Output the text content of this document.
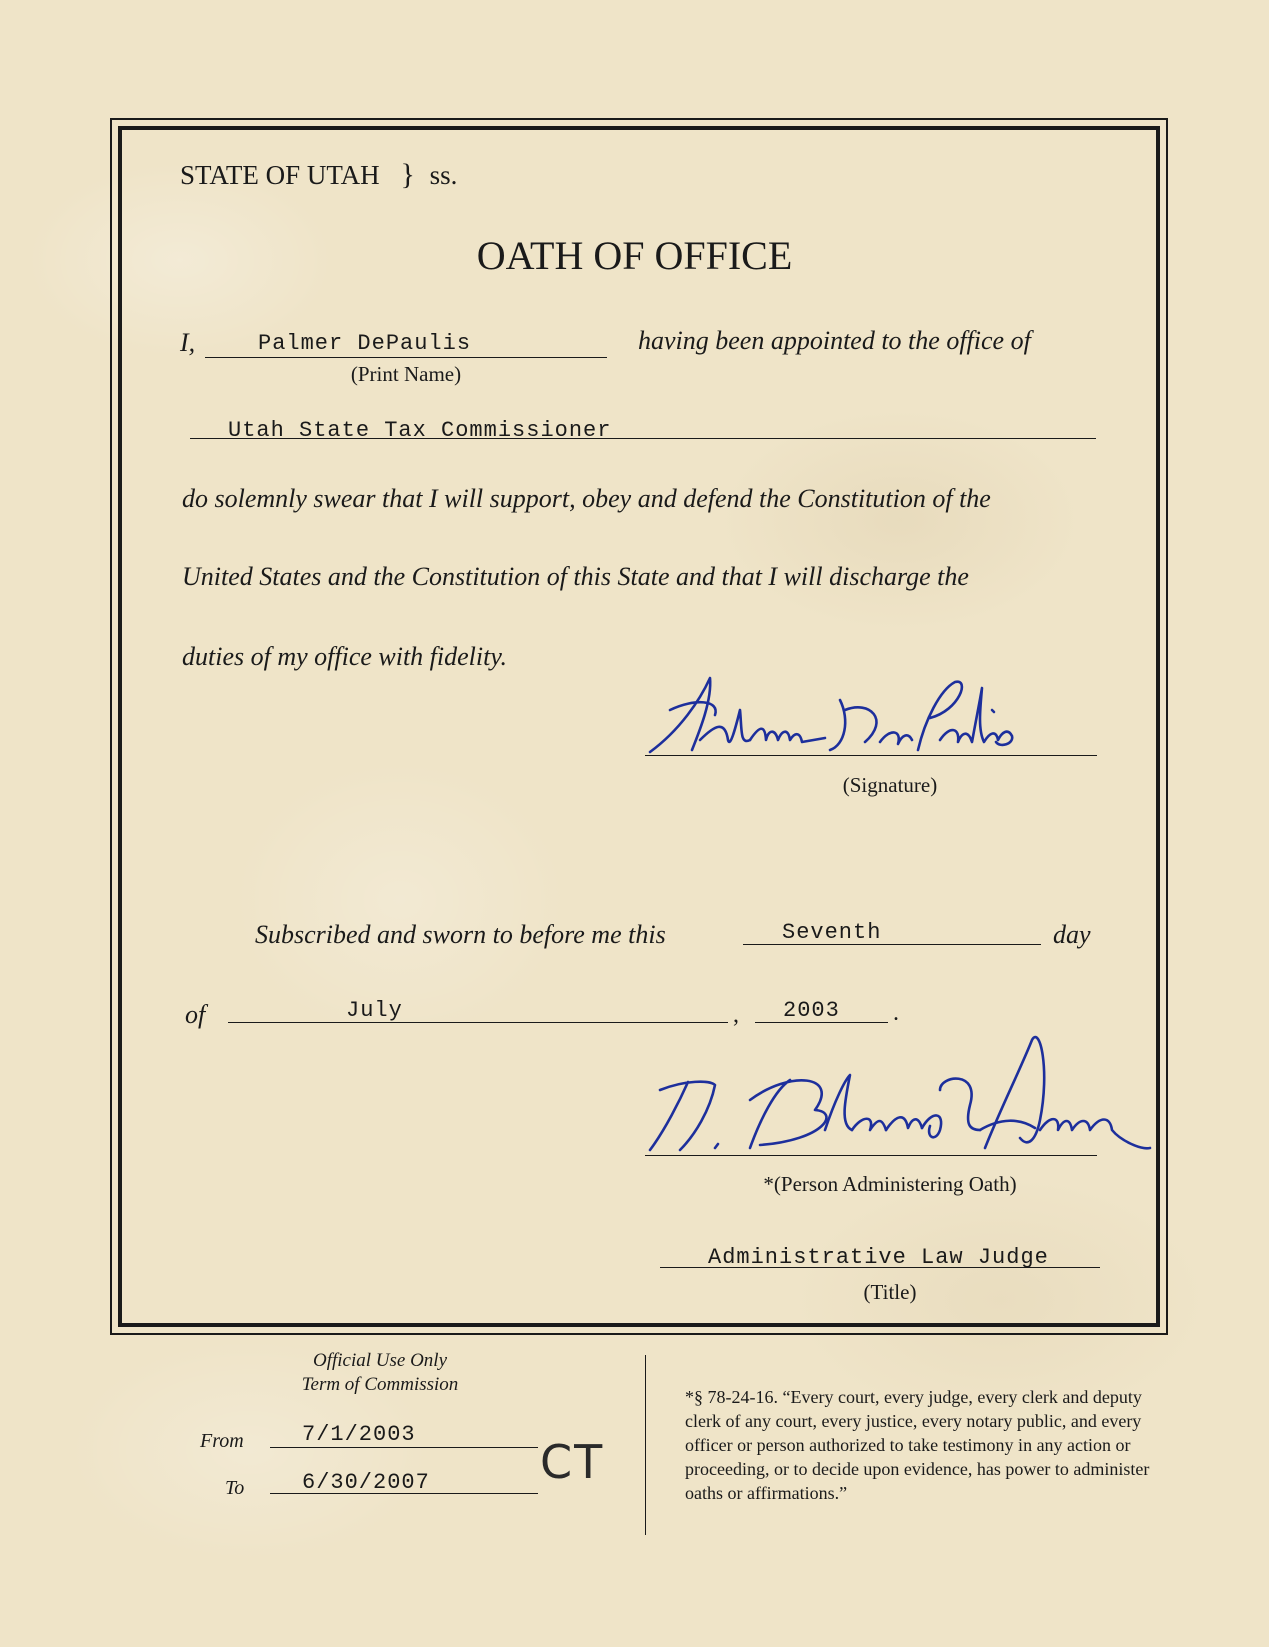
STATE OF UTAH } ss.
OATH OF OFFICE
I,	Palmer DePaulis
(Print Name)
having been appointed to the office of
Utah State Tax Commissioner
do solemnly swear that I will support, obey and defend the Constitution of the
United States and the Constitution of this State and that I will discharge the
duties of my office with fidelity.
(Signature)
Subscribed and sworn to before me this	Seventh	day
of	July	, 2003 .
*(Person Administering Oath)
Administrative Law Judge
(Title)
Official Use Only
Term of Commission
From	7/1/2003
To	6/30/2007 CT
*§ 78-24-16. “Every court, every judge, every clerk and deputy clerk of any court, every justice, every notary public, and every officer or person authorized to take testimony in any action or proceeding, or to decide upon evidence, has power to administer oaths or affirmations.”
